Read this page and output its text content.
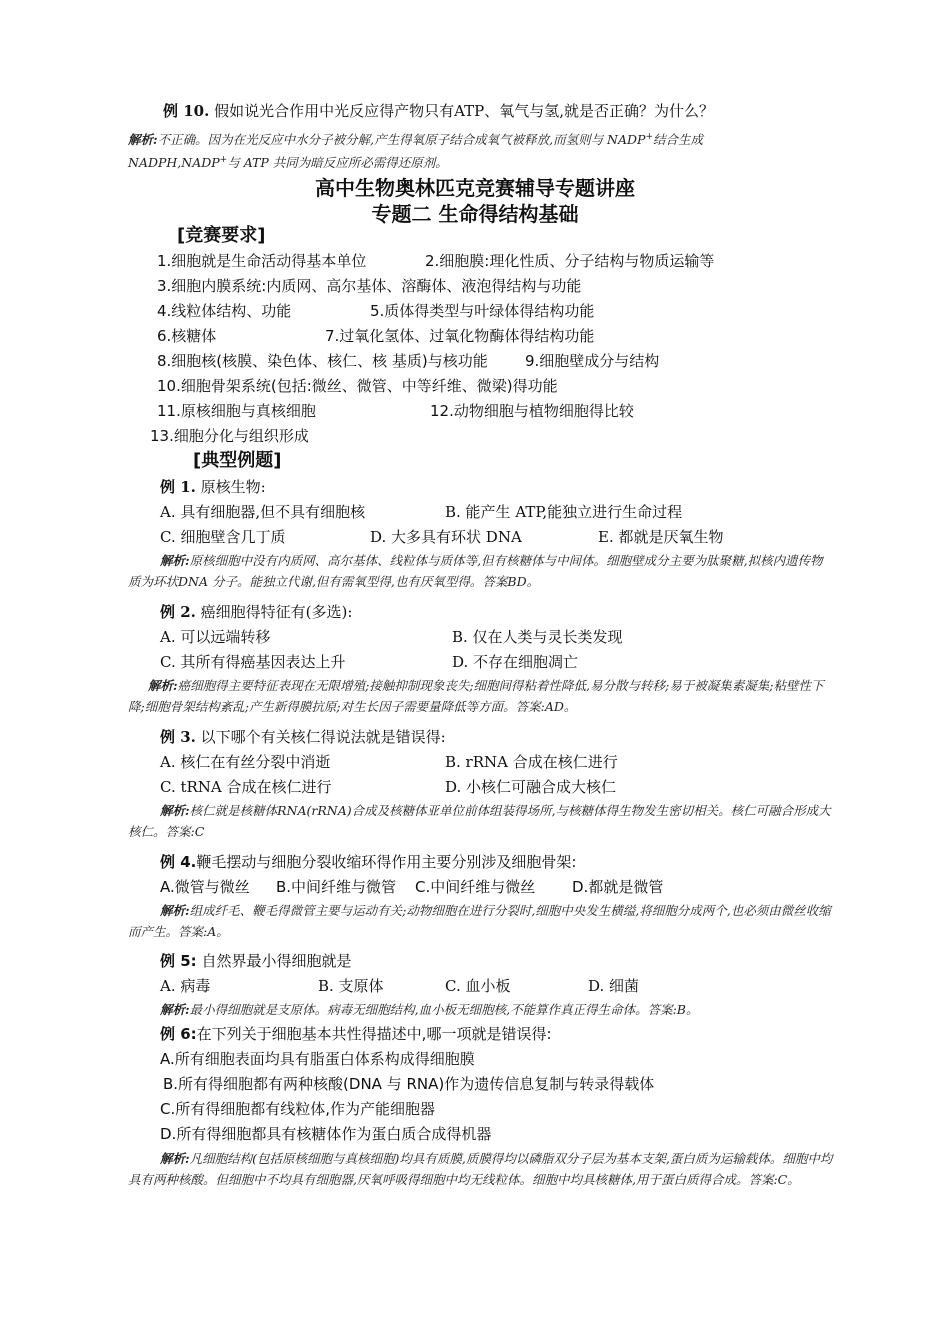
例 10. 假如说光合作用中光反应得产物只有ATP、氧气与氢,就是否正确？为什么？
解析:不正确。因为在光反应中水分子被分解,产生得氧原子结合成氧气被释放,而氢则与 NADP+结合生成
NADPH,NADP+与 ATP 共同为暗反应所必需得还原剂。
高中生物奥林匹克竞赛辅导专题讲座
专题二 生命得结构基础
[竞赛要求]
1.细胞就是生命活动得基本单位	2.细胞膜:理化性质、分子结构与物质运输等
3.细胞内膜系统:内质网、高尔基体、溶酶体、液泡得结构与功能
4.线粒体结构、功能	5.质体得类型与叶绿体得结构功能
6.核糖体	7.过氧化氢体、过氧化物酶体得结构功能
8.细胞核(核膜、染色体、核仁、核 基质)与核功能 9.细胞壁成分与结构
10.细胞骨架系统(包括:微丝、微管、中等纤维、微梁)得功能
11.原核细胞与真核细胞	12.动物细胞与植物细胞得比较
13.细胞分化与组织形成
[典型例题]
例 1. 原核生物:
A. 具有细胞器,但不具有细胞核	B. 能产生 ATP,能独立进行生命过程
C. 细胞壁含几丁质	D. 大多具有环状 DNA	E. 都就是厌氧生物
解析:原核细胞中没有内质网、高尔基体、线粒体与质体等,但有核糖体与中间体。细胞壁成分主要为肽聚糖,拟核内遗传物质为环状DNA 分子。能独立代谢,但有需氧型得,也有厌氧型得。答案BD。
例 2. 癌细胞得特征有(多选):
A. 可以远端转移	B. 仅在人类与灵长类发现
C. 其所有得癌基因表达上升	D. 不存在细胞凋亡
解析:癌细胞得主要特征表现在无限增殖;接触抑制现象丧失;细胞间得粘着性降低,易分散与转移;易于被凝集素凝集;粘壁性下降;细胞骨架结构紊乱;产生新得膜抗原;对生长因子需要量降低等方面。答案:AD。
例 3. 以下哪个有关核仁得说法就是错误得:
A. 核仁在有丝分裂中消逝	B. rRNA 合成在核仁进行
C. tRNA 合成在核仁进行	D. 小核仁可融合成大核仁
解析:核仁就是核糖体RNA(rRNA)合成及核糖体亚单位前体组装得场所,与核糖体得生物发生密切相关。核仁可融合形成大核仁。答案:C
例 4.鞭毛摆动与细胞分裂收缩环得作用主要分别涉及细胞骨架:
A.微管与微丝 B.中间纤维与微管 C.中间纤维与微丝 D.都就是微管
解析:组成纤毛、鞭毛得微管主要与运动有关;动物细胞在进行分裂时,细胞中央发生横缢,将细胞分成两个,也必须由微丝收缩而产生。答案:A。
例 5: 自然界最小得细胞就是
A. 病毒	B. 支原体	C. 血小板	D. 细菌
解析:最小得细胞就是支原体。病毒无细胞结构,血小板无细胞核,不能算作真正得生命体。答案:B。
例 6:在下列关于细胞基本共性得描述中,哪一项就是错误得:
A.所有细胞表面均具有脂蛋白体系构成得细胞膜
B.所有得细胞都有两种核酸(DNA 与 RNA)作为遗传信息复制与转录得载体
C.所有得细胞都有线粒体,作为产能细胞器
D.所有得细胞都具有核糖体作为蛋白质合成得机器
解析:凡细胞结构(包括原核细胞与真核细胞)均具有质膜,质膜得均以磷脂双分子层为基本支架,蛋白质为运输载体。细胞中均具有两种核酸。但细胞中不均具有细胞器,厌氧呼吸得细胞中均无线粒体。细胞中均具核糖体,用于蛋白质得合成。答案:C。
